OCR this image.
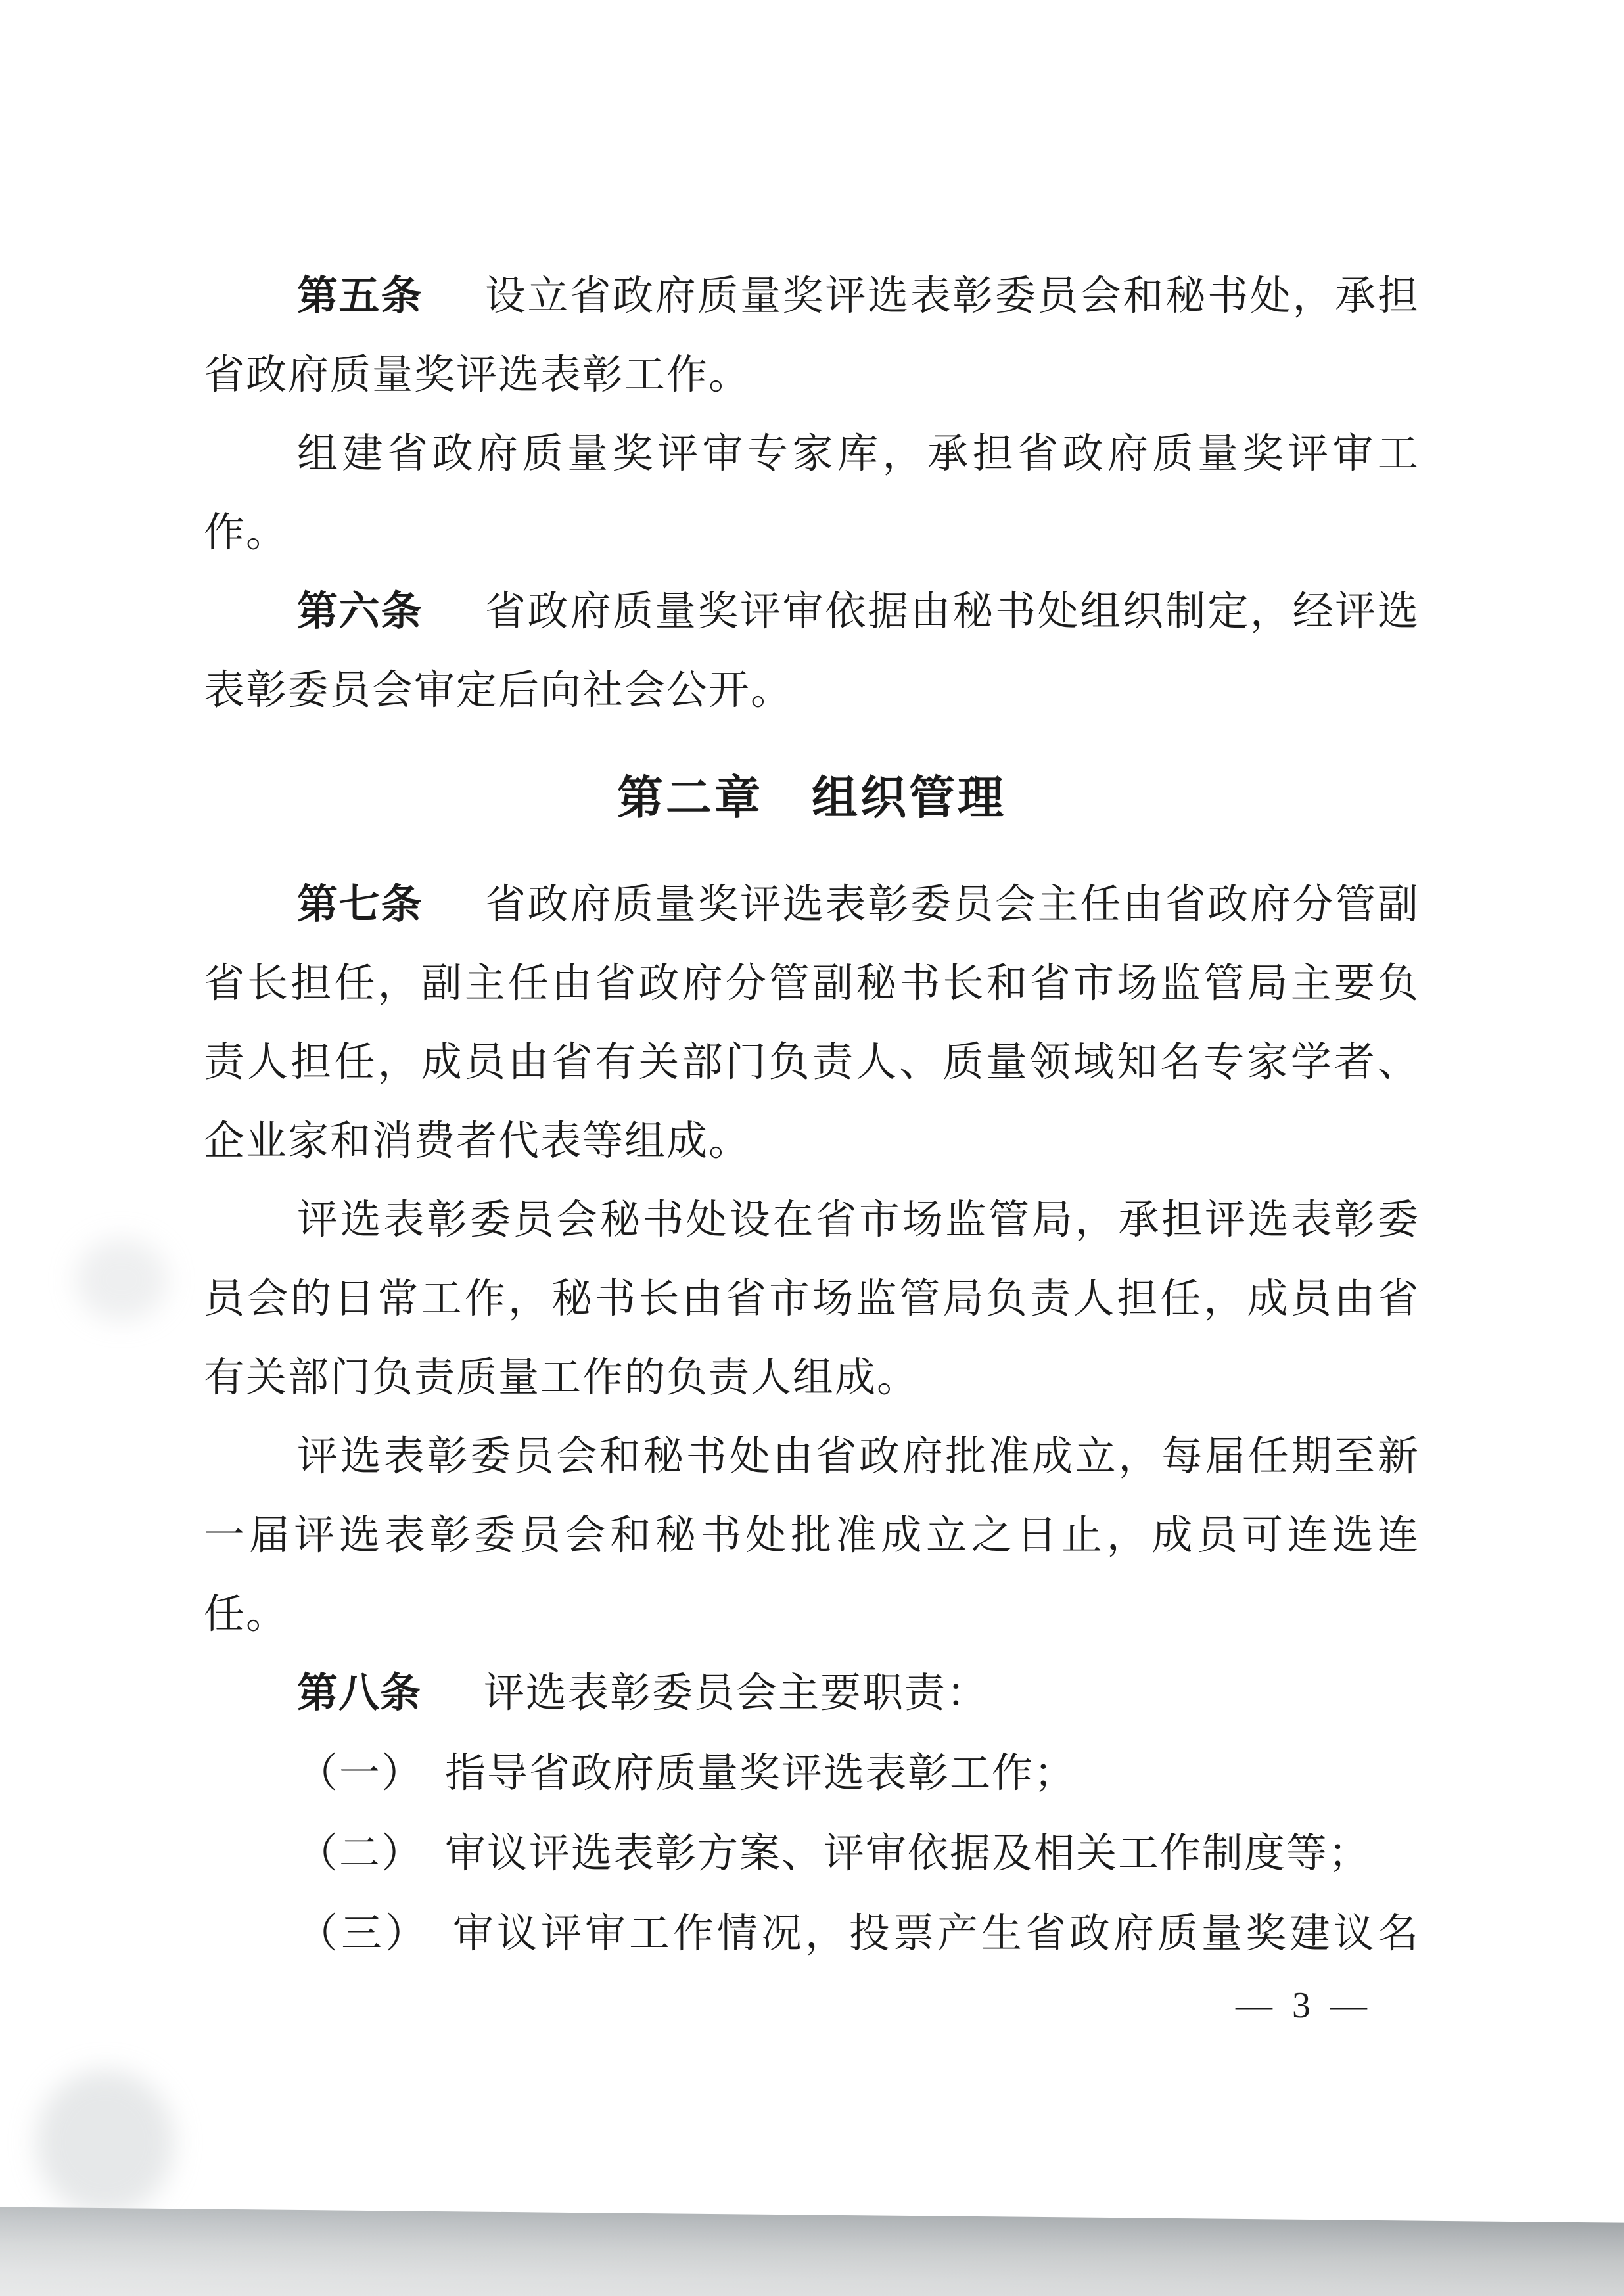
第五条 设立省政府质量奖评选表彰委员会和秘书处，承担
省政府质量奖评选表彰工作。
组建省政府质量奖评审专家库，承担省政府质量奖评审工
作。
第六条 省政府质量奖评审依据由秘书处组织制定，经评选
表彰委员会审定后向社会公开。
第二章　组织管理
第七条 省政府质量奖评选表彰委员会主任由省政府分管副
省长担任，副主任由省政府分管副秘书长和省市场监管局主要负
责人担任，成员由省有关部门负责人、质量领域知名专家学者、
企业家和消费者代表等组成。
评选表彰委员会秘书处设在省市场监管局，承担评选表彰委
员会的日常工作，秘书长由省市场监管局负责人担任，成员由省
有关部门负责质量工作的负责人组成。
评选表彰委员会和秘书处由省政府批准成立，每届任期至新
一届评选表彰委员会和秘书处批准成立之日止，成员可连选连
任。
第八条 评选表彰委员会主要职责：
（一）　指导省政府质量奖评选表彰工作；
（二）　审议评选表彰方案、评审依据及相关工作制度等；
（三）　审议评审工作情况，投票产生省政府质量奖建议名
— 3 —
